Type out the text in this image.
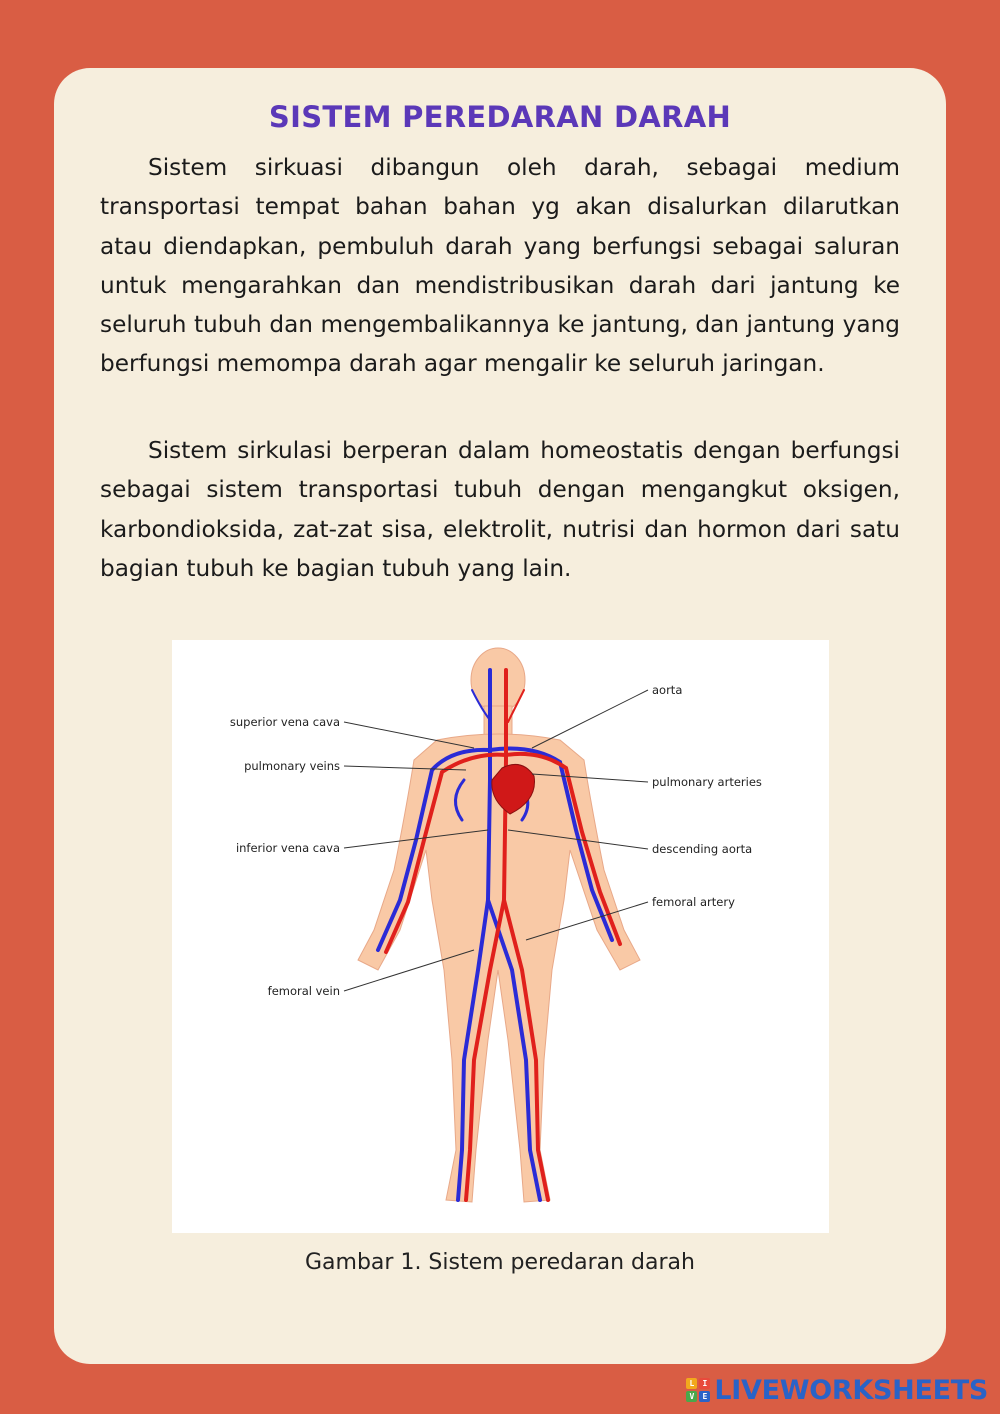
SISTEM PEREDARAN DARAH

Sistem sirkuasi dibangun oleh darah, sebagai medium transportasi tempat bahan bahan yg akan disalurkan dilarutkan atau diendapkan, pembuluh darah yang berfungsi sebagai saluran untuk mengarahkan dan mendistribusikan darah dari jantung ke seluruh tubuh dan mengembalikannya ke jantung, dan jantung yang berfungsi memompa darah agar mengalir ke seluruh jaringan.

Sistem sirkulasi berperan dalam homeostatis dengan berfungsi sebagai sistem transportasi tubuh dengan mengangkut oksigen, karbondioksida, zat-zat sisa, elektrolit, nutrisi dan hormon dari satu bagian tubuh ke bagian tubuh yang lain.

aorta
superior vena cava
pulmonary veins
pulmonary arteries
inferior vena cava	descending aorta
femoral artery
femoral vein
Gambar 1. Sistem peredaran darah
L	I
V	E LIVEWORKSHEETS
